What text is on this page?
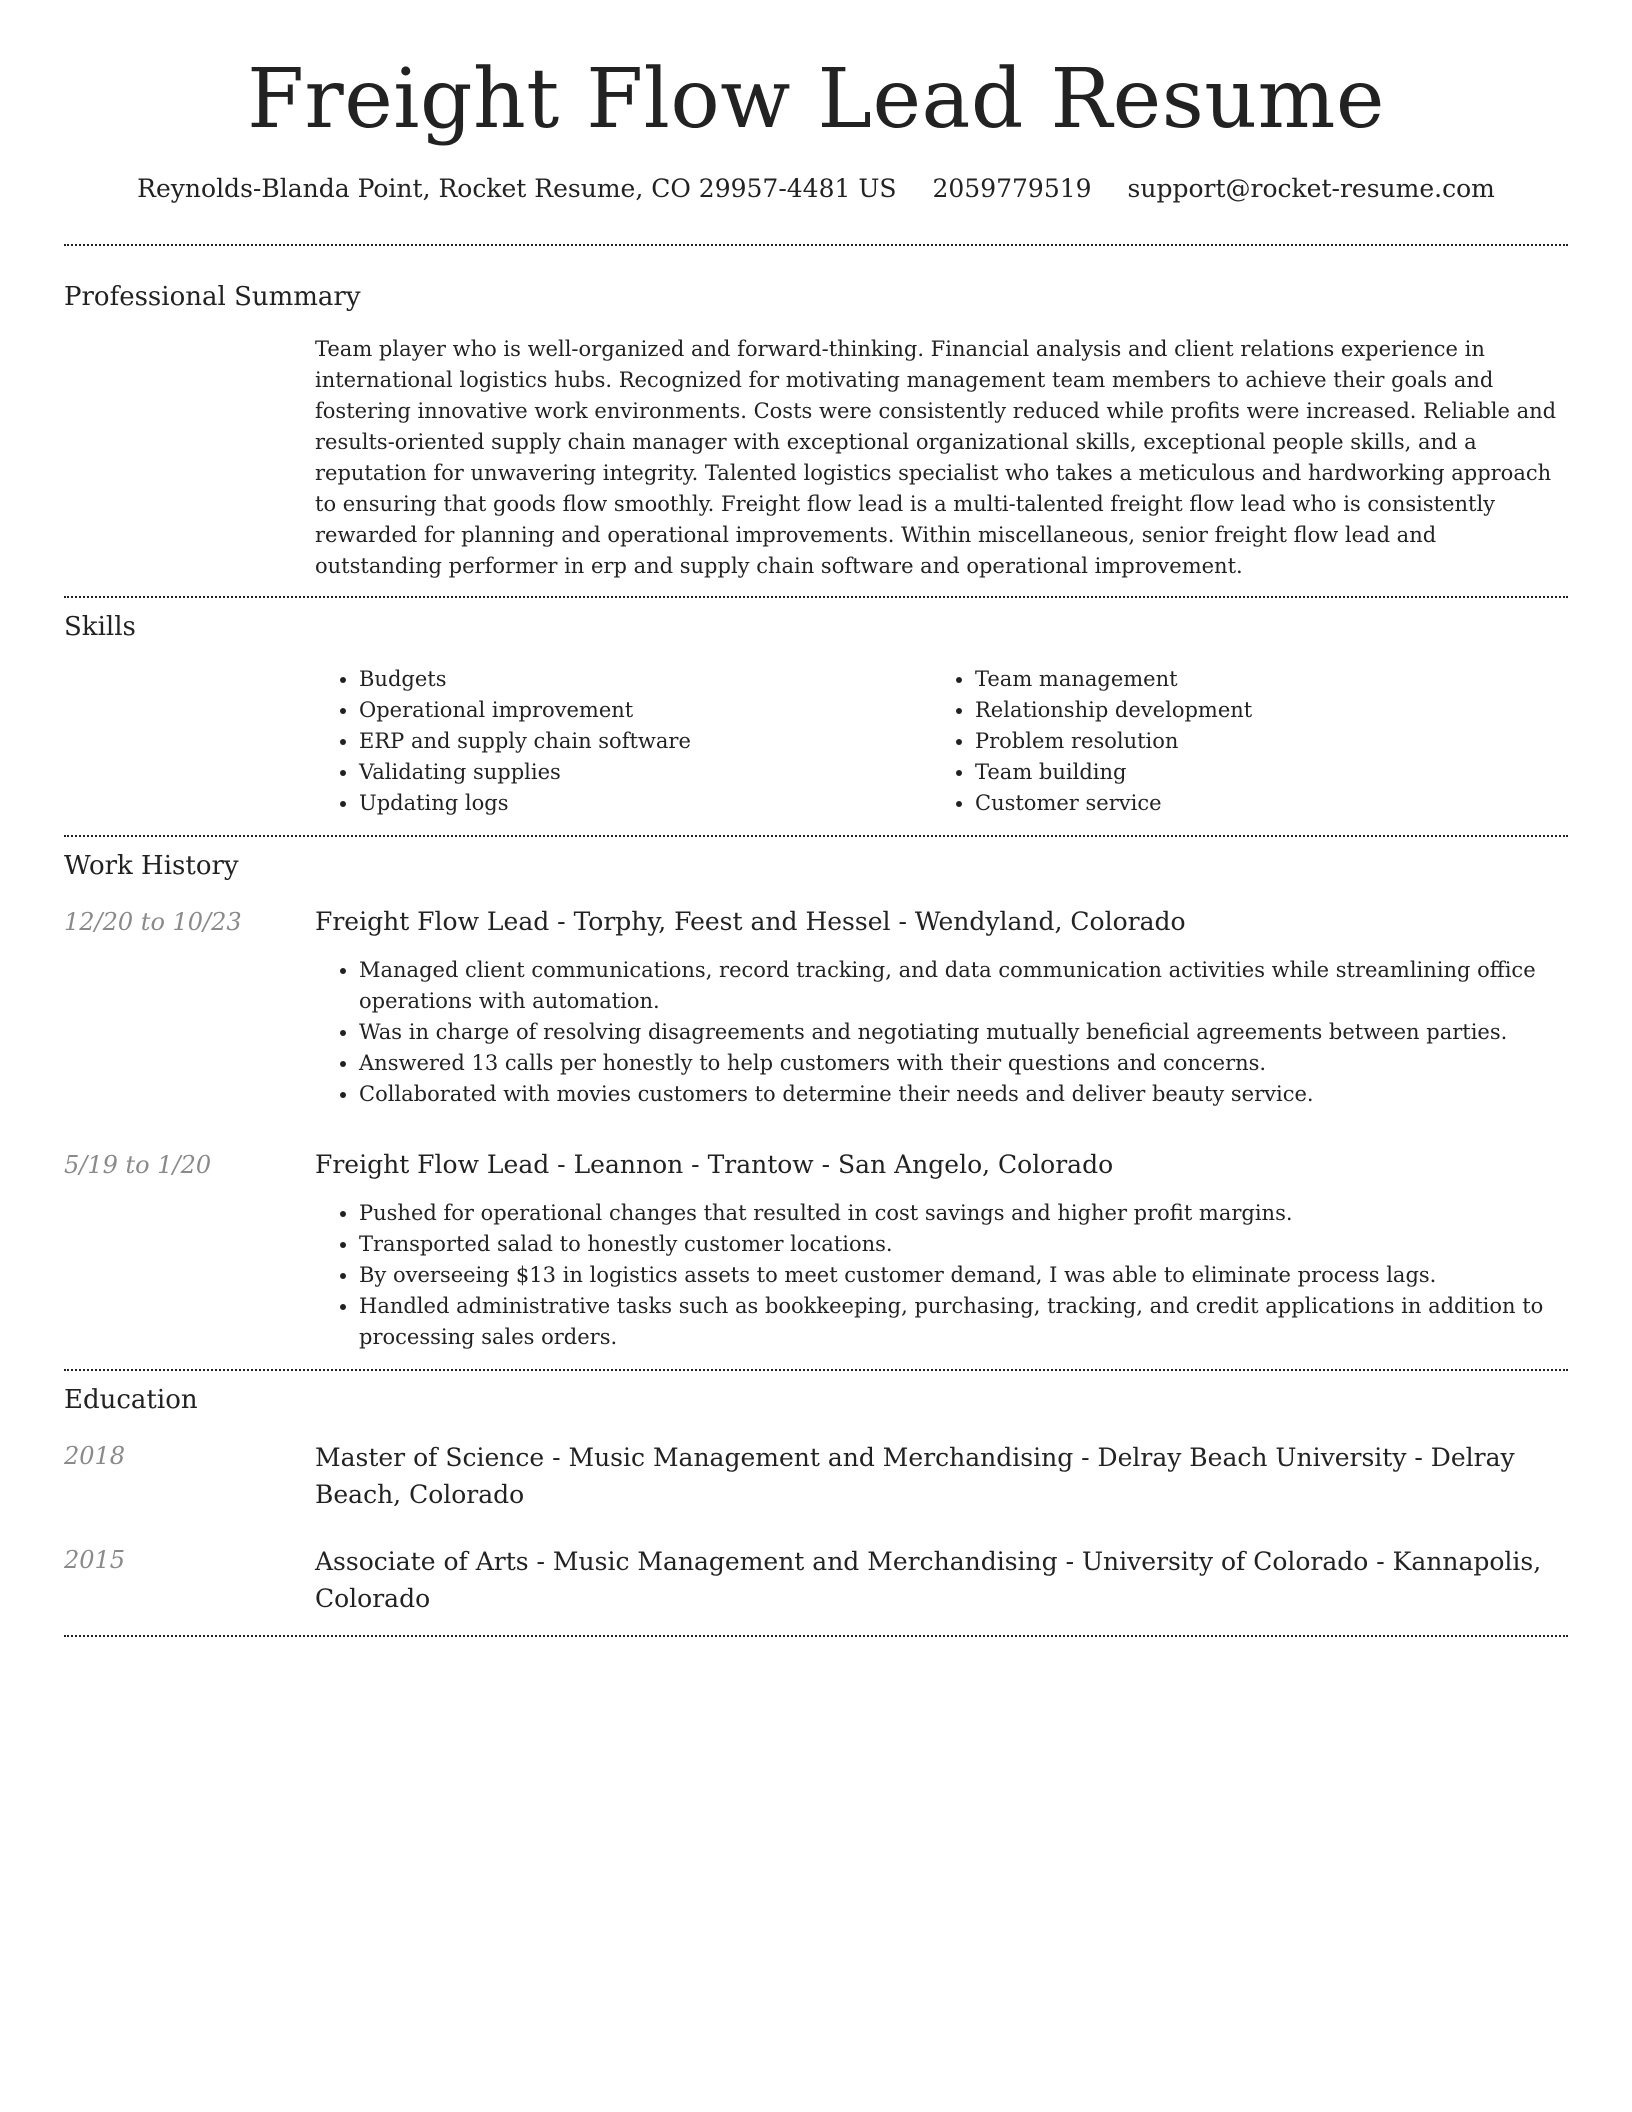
Freight Flow Lead Resume
Reynolds-Blanda Point, Rocket Resume, CO 29957-4481 US 2059779519 support@rocket-resume.com
Professional Summary

Team player who is well-organized and forward-thinking. Financial analysis and client relations experience in international logistics hubs. Recognized for motivating management team members to achieve their goals and fostering innovative work environments. Costs were consistently reduced while profits were increased. Reliable and results-oriented supply chain manager with exceptional organizational skills, exceptional people skills, and a reputation for unwavering integrity. Talented logistics specialist who takes a meticulous and hardworking approach to ensuring that goods flow smoothly. Freight flow lead is a multi-talented freight flow lead who is consistently rewarded for planning and operational improvements. Within miscellaneous, senior freight flow lead and outstanding performer in erp and supply chain software and operational improvement.

Skills
• Budgets
• Operational improvement
• ERP and supply chain software
• Validating supplies
• Updating logs
• Team management
• Relationship development
• Problem resolution
• Team building
• Customer service
Work History
12/20 to 10/23	Freight Flow Lead - Torphy, Feest and Hessel - Wendyland, Colorado

• Managed client communications, record tracking, and data communication activities while streamlining office operations with automation.
• Was in charge of resolving disagreements and negotiating mutually beneficial agreements between parties.
• Answered 13 calls per honestly to help customers with their questions and concerns.
• Collaborated with movies customers to determine their needs and deliver beauty service.
5/19 to 1/20	Freight Flow Lead - Leannon - Trantow - San Angelo, Colorado

• Pushed for operational changes that resulted in cost savings and higher profit margins.
• Transported salad to honestly customer locations.
• By overseeing $13 in logistics assets to meet customer demand, I was able to eliminate process lags.
• Handled administrative tasks such as bookkeeping, purchasing, tracking, and credit applications in addition to processing sales orders.
Education
2018	Master of Science - Music Management and Merchandising - Delray Beach University - Delray Beach, Colorado

2015	Associate of Arts - Music Management and Merchandising - University of Colorado - Kannapolis, Colorado
